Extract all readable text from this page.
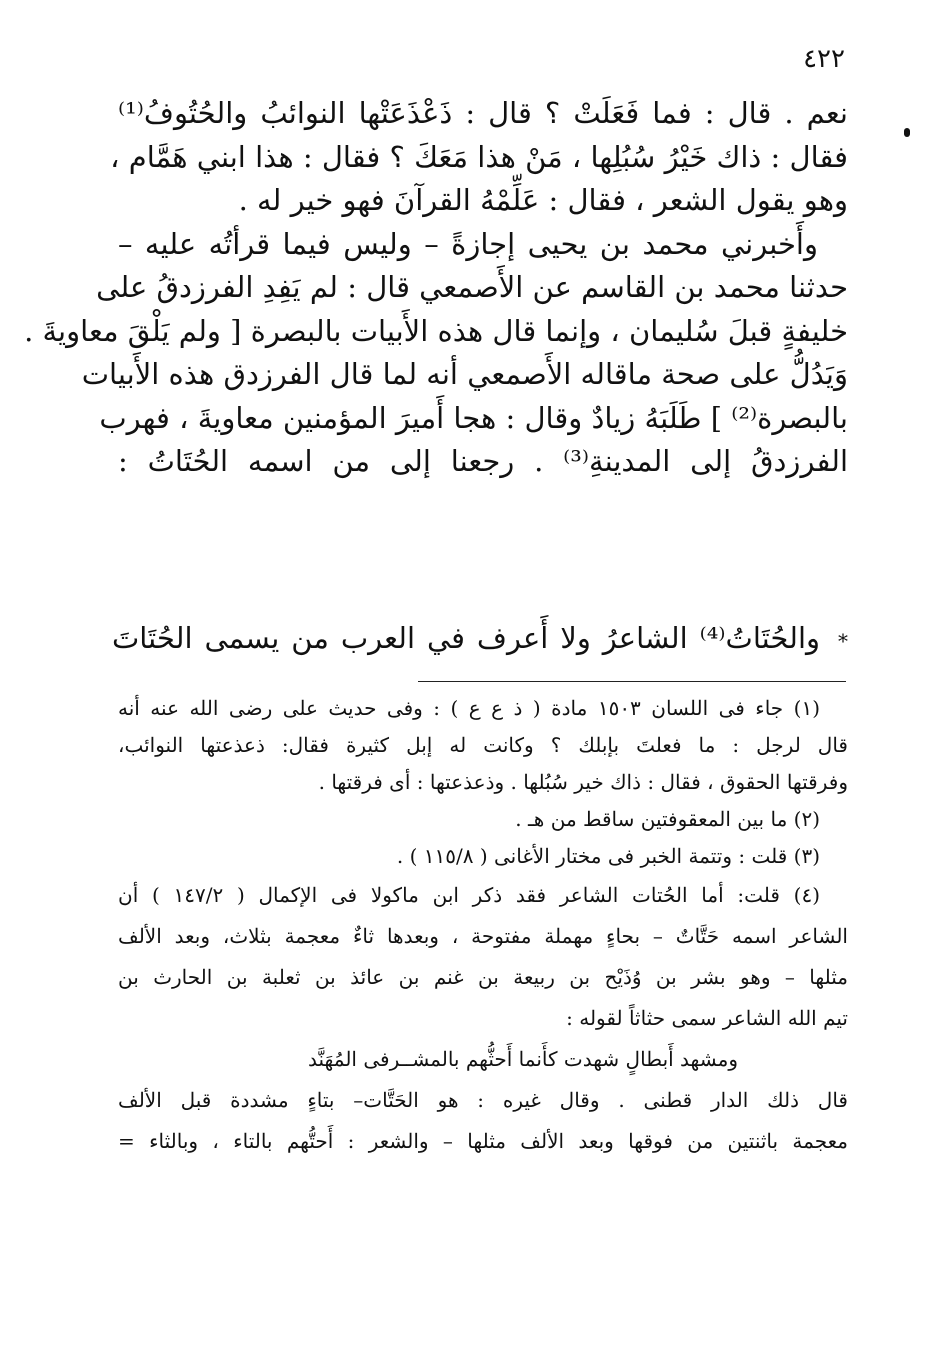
٤٢٢
نعم . قال : فما فَعَلَتْ ؟ قال : ذَعْذَعَتْها النوائبُ والحُتُوفُ⁽¹⁾
فقال : ذاك خَيْرُ سُبُلِها ، مَنْ هذا مَعَكَ ؟ فقال : هذا ابني هَمَّام ،
وهو يقول الشعر ، فقال : عَلِّمْهُ القرآنَ فهو خير له .
وأَخبرني محمد بن يحيى إجازةً – وليس فيما قرأتُه عليه –
حدثنا محمد بن القاسم عن الأَصمعي قال : لم يَفِدِ الفرزدقُ على
خليفةٍ قبلَ سُليمان ، وإنما قال هذه الأَبيات بالبصرة [ ولم يَلْقَ معاويةَ .
وَيَدُلُّ على صحة ماقاله الأَصمعي أنه لما قال الفرزدق هذه الأَبيات
بالبصرة⁽²⁾ ] طَلَبَهُ زيادٌ وقال : هجا أَميرَ المؤمنين معاويةَ ، فهرب
الفرزدقُ إلى المدينةِ⁽³⁾ . رجعنا إلى من اسمه الحُتَاتُ :
* والحُتَاتُ⁽⁴⁾ الشاعرُ ولا أَعرف في العرب من يسمى الحُتَاتَ
(١) جاء فى اللسان ١٥٠٣ مادة ( ذ ع ع ) : وفى حديث على رضى الله عنه أنه
قال لرجل : ما فعلتَ بإبلك ؟ وكانت له إبل كثيرة فقال: ذعذعتها النوائب،
وفرقتها الحقوق ، فقال : ذاك خير سُبُلها . وذعذعتها : أى فرقتها .
(٢) ما بين المعقوفتين ساقط من هـ .
(٣) قلت : وتتمة الخبر فى مختار الأغانى ( ١١٥/٨ ) .
(٤) قلت: أما الحُتات الشاعر فقد ذكر ابن ماكولا فى الإكمال ( ١٤٧/٢ ) أن
الشاعر اسمه حَتَّاتٌ – بحاءٍ مهملة مفتوحة ، وبعدها ثاءٌ معجمة بثلاث، وبعد الألف
مثلها – وهو بشر بن وُذَيْح بن ربيعة بن غنم بن عائذ بن ثعلبة بن الحارث بن
تيم الله الشاعر سمى حثاثاً لقوله :
ومشهد أَبطالٍ شهدت كأَنما أَحثُّهم بالمشــرفى المُهَنَّد
قال ذلك الدار قطنى . وقال غيره : هو الحَتَّات– بتاءٍ مشددة قبل الألف
معجمة باثنتين من فوقها وبعد الألف مثلها – والشعر : أَحتُّهم بالتاء ، وبالثاء =
